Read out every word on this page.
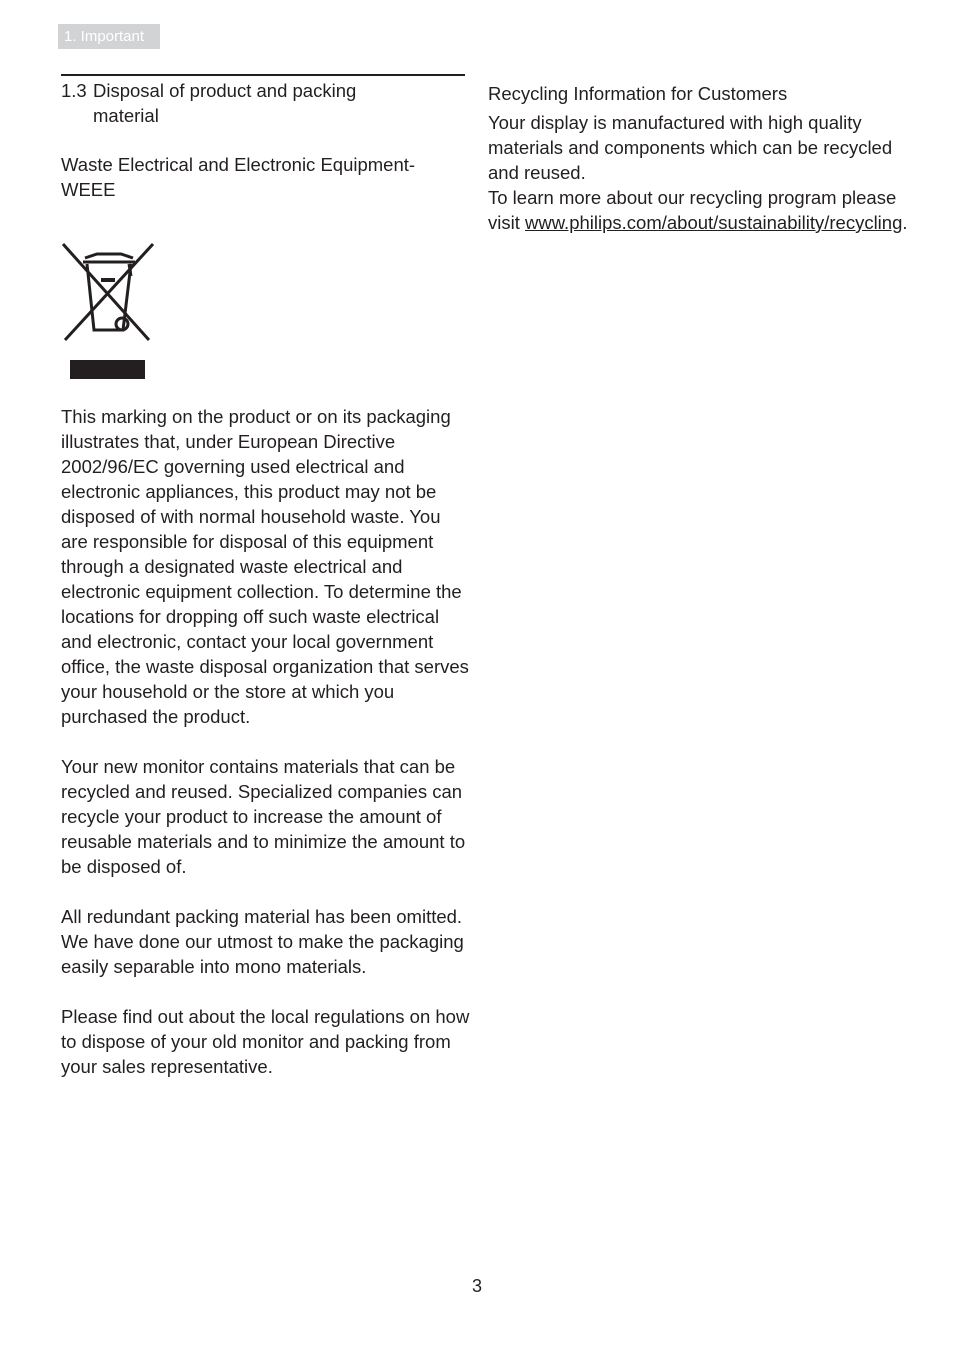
1. Important
1.3 Disposal of product and packing material
Waste Electrical and Electronic Equipment-WEEE

This marking on the product or on its packaging illustrates that, under European Directive 2002/96/EC governing used electrical and electronic appliances, this product may not be disposed of with normal household waste. You are responsible for disposal of this equipment through a designated waste electrical and electronic equipment collection. To determine the locations for dropping off such waste electrical and electronic, contact your local government office, the waste disposal organization that serves your household or the store at which you purchased the product.

Your new monitor contains materials that can be recycled and reused. Specialized companies can recycle your product to increase the amount of reusable materials and to minimize the amount to be disposed of.

All redundant packing material has been omitted. We have done our utmost to make the packaging easily separable into mono materials.

Please find out about the local regulations on how to dispose of your old monitor and packing from your sales representative.

Recycling Information for Customers
Your display is manufactured with high quality materials and components which can be recycled and reused.
To learn more about our recycling program please visit www.philips.com/about/sustainability/recycling.
3
